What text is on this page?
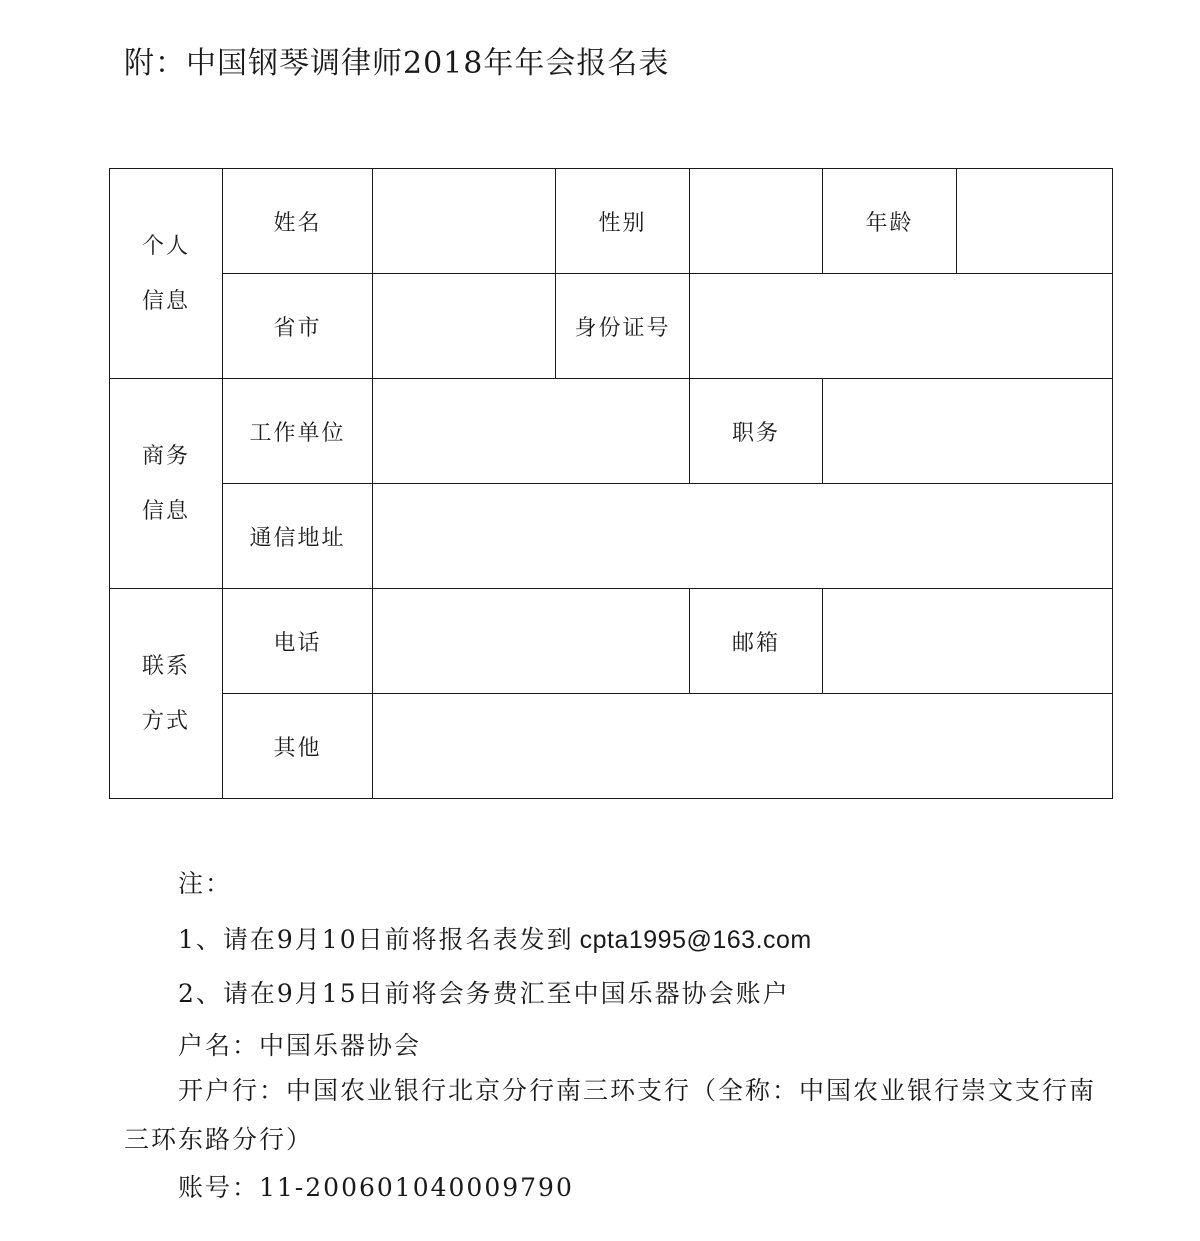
附：中国钢琴调律师2018年年会报名表
个人
信息	姓名		性别		年龄	
	省市		身份证号			

商务
信息	工作单位			职务		
	通信地址					

联系
方式	电话			邮箱		
	其他					
注：
1、请在9月10日前将报名表发到 cpta1995@163.com
2、请在9月15日前将会务费汇至中国乐器协会账户
户名：中国乐器协会
开户行：中国农业银行北京分行南三环支行（全称：中国农业银行崇文支行南三环东路分行）
账号：11-200601040009790
